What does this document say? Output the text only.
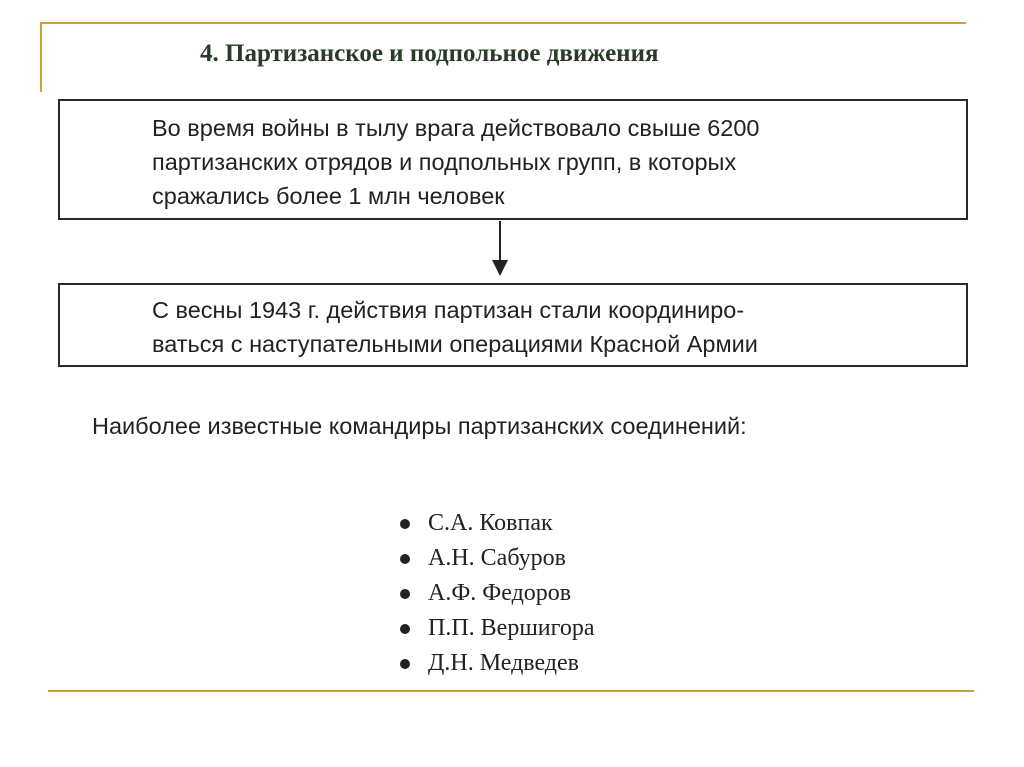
4. Партизанское и подпольное движения
Во время войны в тылу врага действовало свыше 6200
партизанских отрядов и подпольных групп, в которых
сражались более 1 млн человек
С весны 1943 г. действия партизан стали координиро-
ваться с наступательными операциями Красной Армии
Наиболее известные командиры партизанских соединений:
С.А. Ковпак
А.Н. Сабуров
А.Ф. Федоров
П.П. Вершигора
Д.Н. Медведев
